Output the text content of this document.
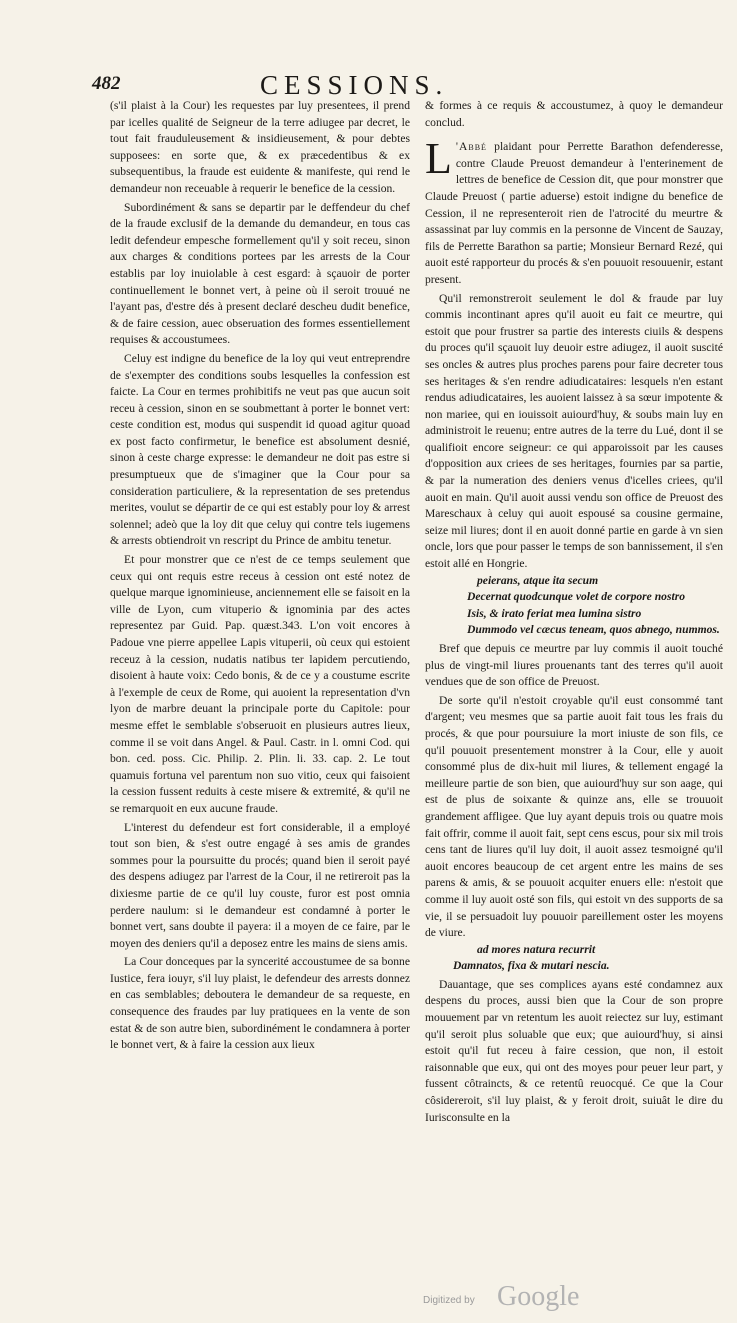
482	CESSIONS.

(s'il plaist à la Cour) les requestes par luy presentees, il prend par icelles qualité de Seigneur de la terre adiugee par decret, le tout fait frauduleusement & insidieusement, & pour debtes supposees: en sorte que, & ex præcedentibus & ex subsequentibus, la fraude est euidente & manifeste, qui rend le demandeur non receuable à requerir le benefice de la cession.

Subordinément & sans se departir par le deffendeur du chef de la fraude exclusif de la demande du demandeur, en tous cas ledit defendeur empesche formellement qu'il y soit receu, sinon aux charges & conditions portees par les arrests de la Cour establis par loy inuiolable à cest esgard: à sçauoir de porter continuellement le bonnet vert, à peine où il seroit trouué ne l'ayant pas, d'estre dés à present declaré descheu dudit benefice, & de faire cession, auec obseruation des formes essentiellement requises & accoustumees.

Celuy est indigne du benefice de la loy qui veut entreprendre de s'exempter des conditions soubs lesquelles la confession est faicte. La Cour en termes prohibitifs ne veut pas que aucun soit receu à cession, sinon en se soubmettant à porter le bonnet vert: ceste condition est, modus qui suspendit id quoad agitur quoad ex post facto confirmetur, le benefice est absolument desnié, sinon à ceste charge expresse: le demandeur ne doit pas estre si presumptueux que de s'imaginer que la Cour pour sa consideration particuliere, & la representation de ses pretendus merites, voulut se départir de ce qui est estably pour loy & arrest solennel; adeò que la loy dit que celuy qui contre tels iugemens & arrests obtiendroit vn rescript du Prince de ambitu tenetur.

Et pour monstrer que ce n'est de ce temps seulement que ceux qui ont requis estre receus à cession ont esté notez de quelque marque ignominieuse, anciennement elle se faisoit en la ville de Lyon, cum vituperio & ignominia par des actes representez par Guid. Pap. quæst.343. L'on voit encores à Padoue vne pierre appellee Lapis vituperii, où ceux qui estoient receuz à la cession, nudatis natibus ter lapidem percutiendo, disoient à haute voix: Cedo bonis, & de ce y a coustume escrite à l'exemple de ceux de Rome, qui auoient la representation d'vn lyon de marbre deuant la principale porte du Capitole: pour mesme effet le semblable s'obseruoit en plusieurs autres lieux, comme il se voit dans Angel. & Paul. Castr. in l. omni Cod. qui bon. ced. poss. Cic. Philip. 2. Plin. li. 33. cap. 2. Le tout quamuis fortuna vel parentum non suo vitio, ceux qui faisoient la cession fussent reduits à ceste misere & extremité, & qu'il ne se remarquoit en eux aucune fraude.

L'interest du defendeur est fort considerable, il a employé tout son bien, & s'est outre engagé à ses amis de grandes sommes pour la poursuitte du procés; quand bien il seroit payé des despens adiugez par l'arrest de la Cour, il ne retireroit pas la dixiesme partie de ce qu'il luy couste, furor est post omnia perdere naulum: si le demandeur est condamné à porter le bonnet vert, sans doubte il payera: il a moyen de ce faire, par le moyen des deniers qu'il a deposez entre les mains de siens amis.

La Cour donceques par la syncerité accoustumee de sa bonne Iustice, fera iouyr, s'il luy plaist, le defendeur des arrests donnez en cas semblables; deboutera le demandeur de sa requeste, en consequence des fraudes par luy pratiquees en la vente de son estat & de son autre bien, subordinément le condamnera à porter le bonnet vert, & à faire la cession aux lieux

& formes à ce requis & accoustumez, à quoy le demandeur conclud.

L 'Abbé plaidant pour Perrette Barathon defenderesse, contre Claude Preuost demandeur à l'enterinement de lettres de benefice de Cession dit, que pour monstrer que Claude Preuost ( partie aduerse) estoit indigne du benefice de Cession, il ne representeroit rien de l'atrocité du meurtre & assassinat par luy commis en la personne de Vincent de Sauzay, fils de Perrette Barathon sa partie; Monsieur Bernard Rezé, qui auoit esté rapporteur du procés & s'en pouuoit resouuenir, estant present.

Qu'il remonstreroit seulement le dol & fraude par luy commis incontinant apres qu'il auoit eu fait ce meurtre, qui estoit que pour frustrer sa partie des interests ciuils & despens du proces qu'il sçauoit luy deuoir estre adiugez, il auoit suscité ses oncles & autres plus proches parens pour faire decreter tous ses heritages & s'en rendre adiudicataires: lesquels n'en estant rendus adiudicataires, les auoient laissez à sa sœur impotente & non mariee, qui en iouissoit auiourd'huy, & soubs main luy en administroit le reuenu; entre autres de la terre du Lué, dont il se qualifioit encore seigneur: ce qui apparoissoit par les causes d'opposition aux criees de ses heritages, fournies par sa partie, & par la numeration des deniers venus d'icelles criees, qu'il auoit en main. Qu'il auoit aussi vendu son office de Preuost des Mareschaux à celuy qui auoit espousé sa cousine germaine, seize mil liures; dont il en auoit donné partie en garde à vn sien oncle, lors que pour passer le temps de son bannissement, il s'en estoit allé en Hongrie.

peierans, atque ita secum

Decernat quodcunque volet de corpore nostro

Isis, & irato feriat mea lumina sistro

Dummodo vel cæcus teneam, quos abnego, nummos.

Bref que depuis ce meurtre par luy commis il auoit touché plus de vingt-mil liures prouenants tant des terres qu'il auoit vendues que de son office de Preuost.

De sorte qu'il n'estoit croyable qu'il eust consommé tant d'argent; veu mesmes que sa partie auoit fait tous les frais du procés, & que pour poursuiure la mort iniuste de son fils, ce qu'il pouuoit presentement monstrer à la Cour, elle y auoit consommé plus de dix-huit mil liures, & tellement engagé la meilleure partie de son bien, que auiourd'huy sur son aage, qui est de plus de soixante & quinze ans, elle se trouuoit grandement affligee. Que luy ayant depuis trois ou quatre mois fait offrir, comme il auoit fait, sept cens escus, pour six mil trois cens tant de liures qu'il luy doit, il auoit assez tesmoigné qu'il auoit encores beaucoup de cet argent entre les mains de ses parens & amis, & se pouuoit acquiter enuers elle: n'estoit que comme il luy auoit osté son fils, qui estoit vn des supports de sa vie, il se persuadoit luy pouuoir pareillement oster les moyens de viure.

ad mores natura recurrit

Damnatos, fixa & mutari nescia.

Dauantage, que ses complices ayans esté condamnez aux despens du proces, aussi bien que la Cour de son propre mouuement par vn retentum les auoit reiectez sur luy, estimant qu'il seroit plus soluable que eux; que auiourd'huy, si ainsi estoit qu'il fut receu à faire cession, que non, il estoit raisonnable que eux, qui ont des moyes pour peuer leur part, y fussent côtraincts, & ce retentû reuocqué. Ce que la Cour côsidereroit, s'il luy plaist, & y feroit droit, suiuât le dire du Iurisconsulte en la

Digitized by Google
